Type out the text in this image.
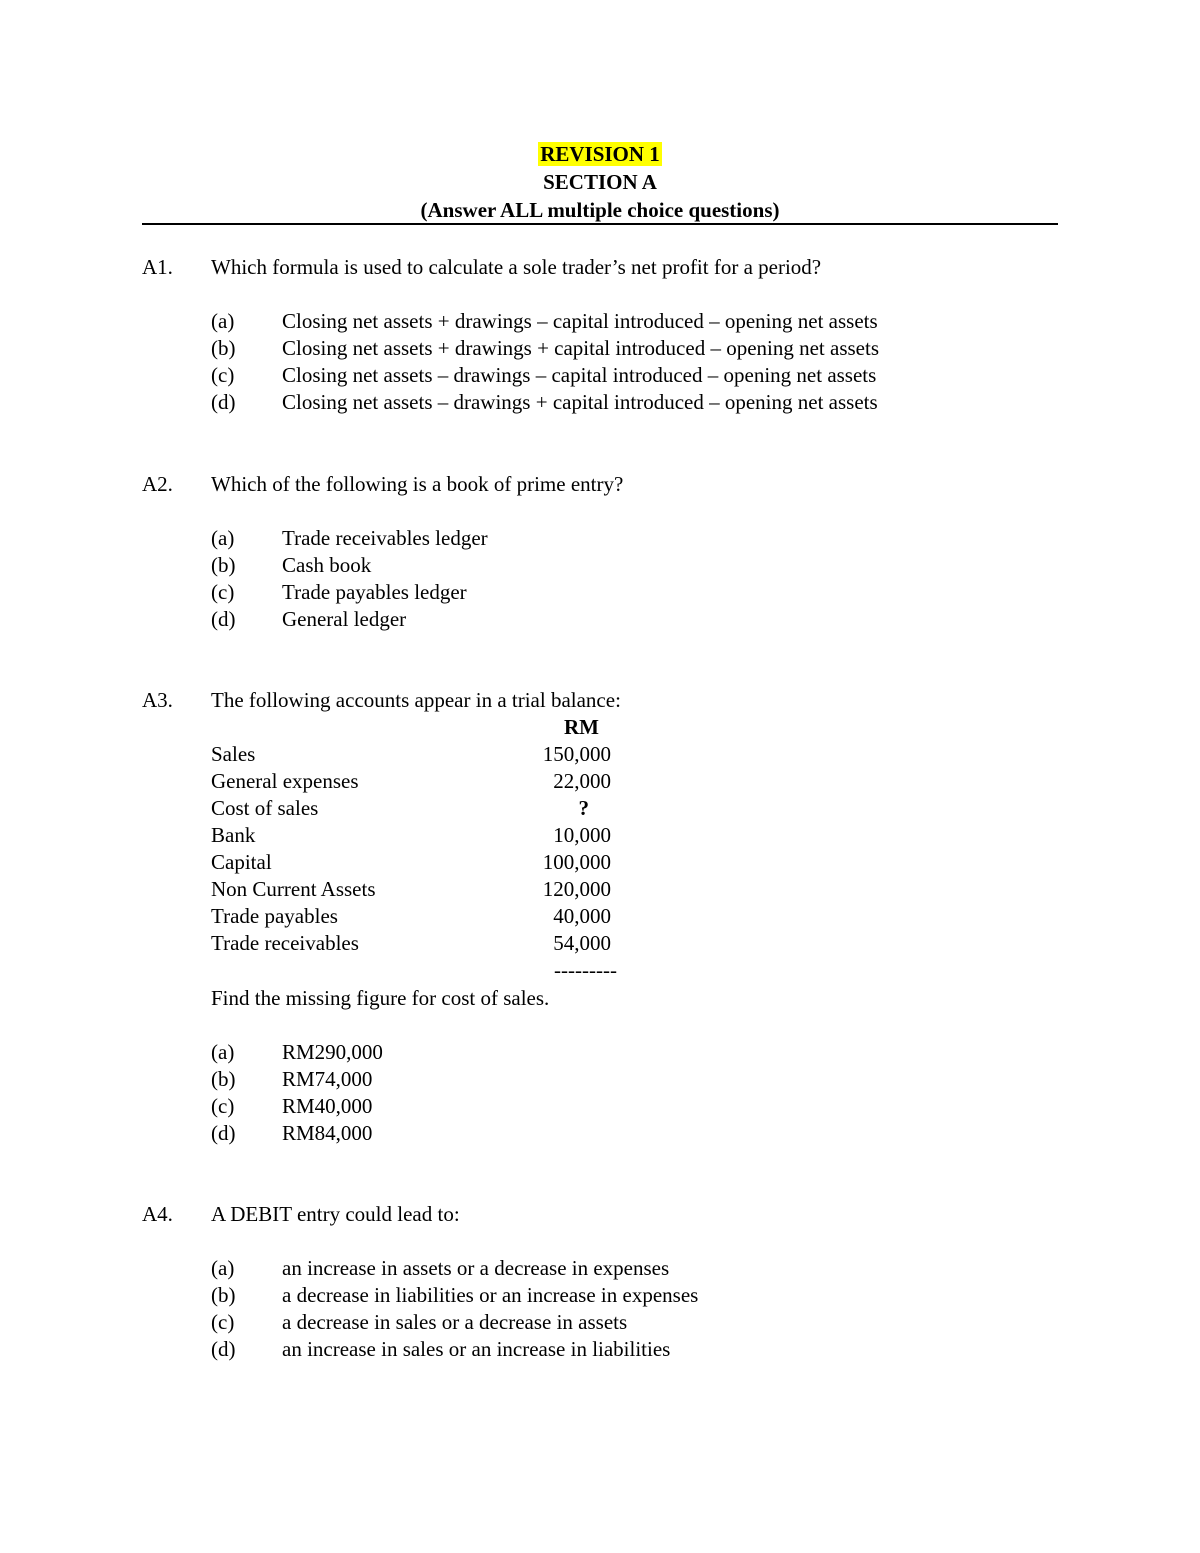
REVISION 1
SECTION A
(Answer ALL multiple choice questions)
A1. Which formula is used to calculate a sole trader’s net profit for a period?
(a) Closing net assets + drawings – capital introduced – opening net assets
(b) Closing net assets + drawings + capital introduced – opening net assets
(c) Closing net assets – drawings – capital introduced – opening net assets
(d) Closing net assets – drawings + capital introduced – opening net assets
A2. Which of the following is a book of prime entry?
(a) Trade receivables ledger
(b) Cash book
(c) Trade payables ledger
(d) General ledger
A3. The following accounts appear in a trial balance:
RM
Sales	150,000
General expenses	22,000
Cost of sales	?
Bank	10,000
Capital	100,000
Non Current Assets	120,000
Trade payables	40,000
Trade receivables	54,000
---------
Find the missing figure for cost of sales.
(a) RM290,000
(b) RM74,000
(c) RM40,000
(d) RM84,000
A4. A DEBIT entry could lead to:
(a) an increase in assets or a decrease in expenses
(b) a decrease in liabilities or an increase in expenses
(c) a decrease in sales or a decrease in assets
(d) an increase in sales or an increase in liabilities
